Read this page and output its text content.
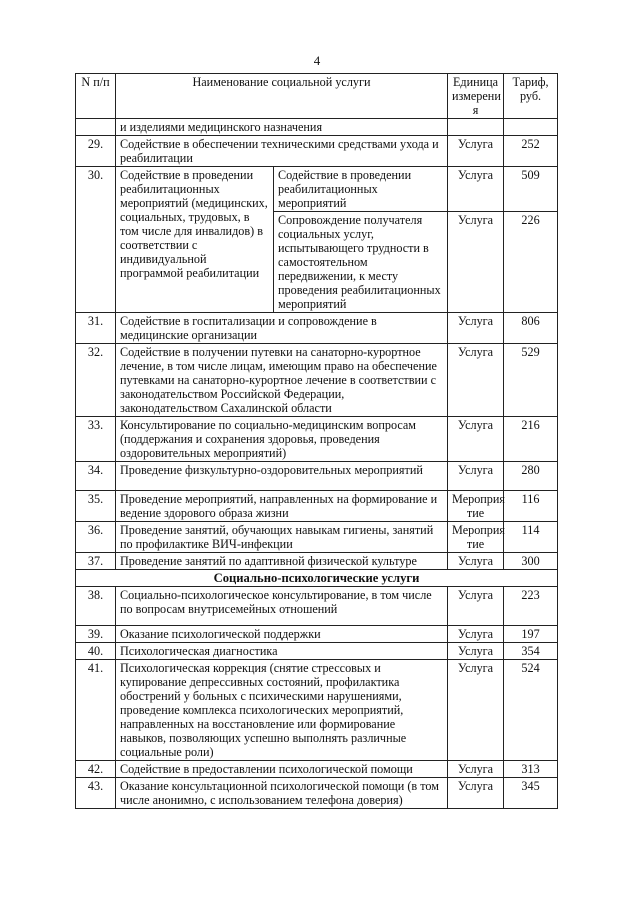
4
N п/п	Наименование социальной услуги		Единица измерени я	Тариф, руб.
	и изделиями медицинского назначения			
29.	Содействие в обеспечении техническими средствами ухода и реабилитации		Услуга	252
30.	Содействие в проведении реабилитационных мероприятий (медицинских, социальных, трудовых, в том числе для инвалидов) в соответствии с индивидуальной программой реабилитации	Содействие в проведении реабилитационных мероприятий	Услуга	509
		Сопровождение получателя социальных услуг, испытывающего трудности в самостоятельном передвижении, к месту проведения реабилитационных мероприятий	Услуга	226
31.	Содействие в госпитализации и сопровождение в медицинские организации		Услуга	806
32.	Содействие в получении путевки на санаторно-курортное лечение, в том числе лицам, имеющим право на обеспечение путевками на санаторно-курортное лечение в соответствии с законодательством Российской Федерации, законодательством Сахалинской области		Услуга	529
33.	Консультирование по социально-медицинским вопросам (поддержания и сохранения здоровья, проведения оздоровительных мероприятий)		Услуга	216
34.	Проведение физкультурно-оздоровительных мероприятий		Услуга	280
35.	Проведение мероприятий, направленных на формирование и ведение здорового образа жизни		Мероприя тие	116
36.	Проведение занятий, обучающих навыкам гигиены, занятий по профилактике ВИЧ-инфекции		Мероприя тие	114
37.	Проведение занятий по адаптивной физической культуре		Услуга	300
Социально-психологические услуги				
38.	Социально-психологическое консультирование, в том числе по вопросам внутрисемейных отношений		Услуга	223
39.	Оказание психологической поддержки		Услуга	197
40.	Психологическая диагностика		Услуга	354
41.	Психологическая коррекция (снятие стрессовых и купирование депрессивных состояний, профилактика обострений у больных с психическими нарушениями, проведение комплекса психологических мероприятий, направленных на восстановление или формирование навыков, позволяющих успешно выполнять различные социальные роли)		Услуга	524
42.	Содействие в предоставлении психологической помощи		Услуга	313
43.	Оказание консультационной психологической помощи (в том числе анонимно, с использованием телефона доверия)		Услуга	345
